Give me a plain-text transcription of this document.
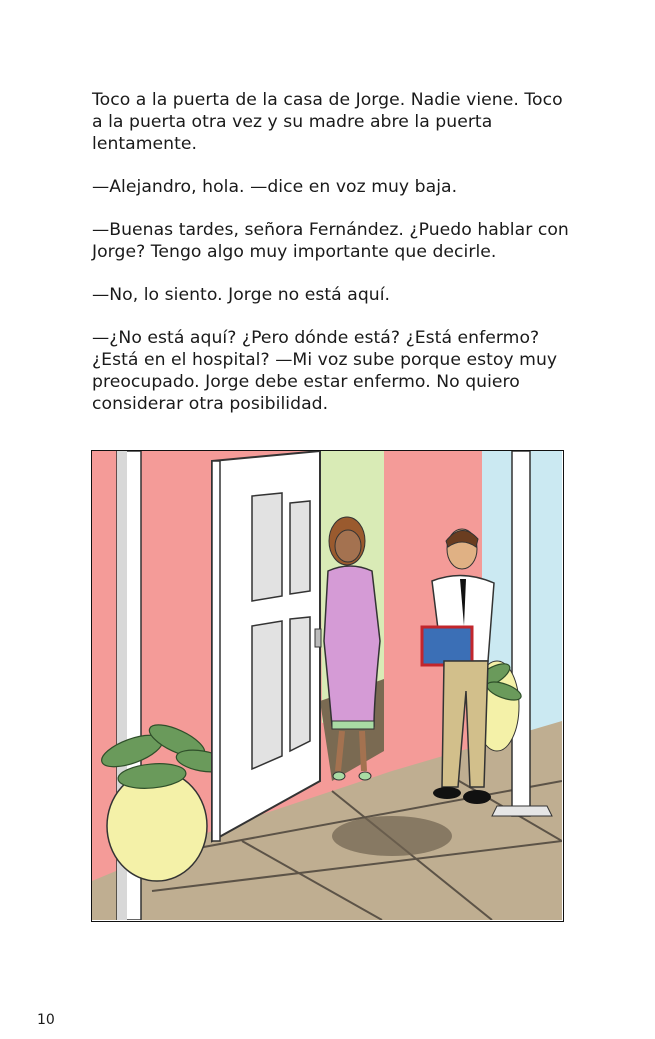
Toco a la puerta de la casa de Jorge. Nadie viene. Toco a la puerta otra vez y su madre abre la puerta lentamente.

—Alejandro, hola. —dice en voz muy baja.

—Buenas tardes, señora Fernández. ¿Puedo hablar con Jorge? Tengo algo muy importante que decirle.

—No, lo siento. Jorge no está aquí.

—¿No está aquí? ¿Pero dónde está? ¿Está enfermo? ¿Está en el hospital? —Mi voz sube porque estoy muy preocupado. Jorge debe estar enfermo. No quiero considerar otra posibilidad.

10
